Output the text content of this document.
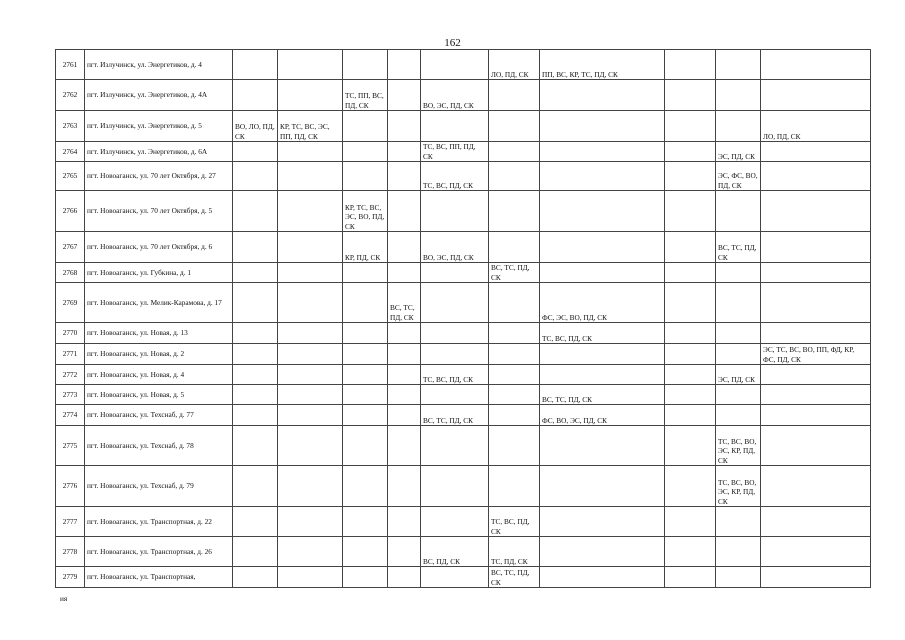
162
2761	пгт. Излучинск, ул. Энергетиков, д. 4						ЛО, ПД, СК	ПП, ВС, КР, ТС, ПД, СК			
2762	пгт. Излучинск, ул. Энергетиков, д. 4А			ТС, ПП, ВС, ПД, СК		ВО, ЭС, ПД, СК					
2763	пгт. Излучинск, ул. Энергетиков, д. 5	ВО, ЛО, ПД, СК	КР, ТС, ВС, ЭС, ПП, ПД, СК								ЛО, ПД, СК
2764	пгт. Излучинск, ул. Энергетиков, д. 6А					ТС, ВС, ПП, ПД, СК				ЭС, ПД, СК	
2765	пгт. Новоаганск, ул. 70 лет Октября, д. 27					ТС, ВС, ПД, СК				ЭС, ФС, ВО, ПД, СК	
2766	пгт. Новоаганск, ул. 70 лет Октября, д. 5			КР, ТС, ВС, ЭС, ВО, ПД, СК							
2767	пгт. Новоаганск, ул. 70 лет Октября, д. 6			КР, ПД, СК		ВО, ЭС, ПД, СК				ВС, ТС, ПД, СК	
2768	пгт. Новоаганск, ул. Губкина, д. 1						ВС, ТС, ПД, СК				
2769	пгт. Новоаганск, ул. Мелик-Карамова, д. 17				ВС, ТС, ПД, СК			ФС, ЭС, ВО, ПД, СК			
2770	пгт. Новоаганск, ул. Новая, д. 13							ТС, ВС, ПД, СК			
2771	пгт. Новоаганск, ул. Новая, д. 2										ЭС, ТС, ВС, ВО, ПП, ФД, КР, ФС, ПД, СК
2772	пгт. Новоаганск, ул. Новая, д. 4					ТС, ВС, ПД, СК				ЭС, ПД, СК	
2773	пгт. Новоаганск, ул. Новая, д. 5							ВС, ТС, ПД, СК			
2774	пгт. Новоаганск, ул. Техснаб, д. 77					ВС, ТС, ПД, СК		ФС, ВО, ЭС, ПД, СК			
2775	пгт. Новоаганск, ул. Техснаб, д. 78									ТС, ВС, ВО, ЭС, КР, ПД, СК	
2776	пгт. Новоаганск, ул. Техснаб, д. 79									ТС, ВС, ВО, ЭС, КР, ПД, СК	
2777	пгт. Новоаганск, ул. Транспортная, д. 22						ТС, ВС, ПД, СК				
2778	пгт. Новоаганск, ул. Транспортная, д. 26					ВС, ПД, СК	ТС, ПД, СК				
2779	пгт. Новоаганск, ул. Транспортная,						ВС, ТС, ПД, СК				
ия
